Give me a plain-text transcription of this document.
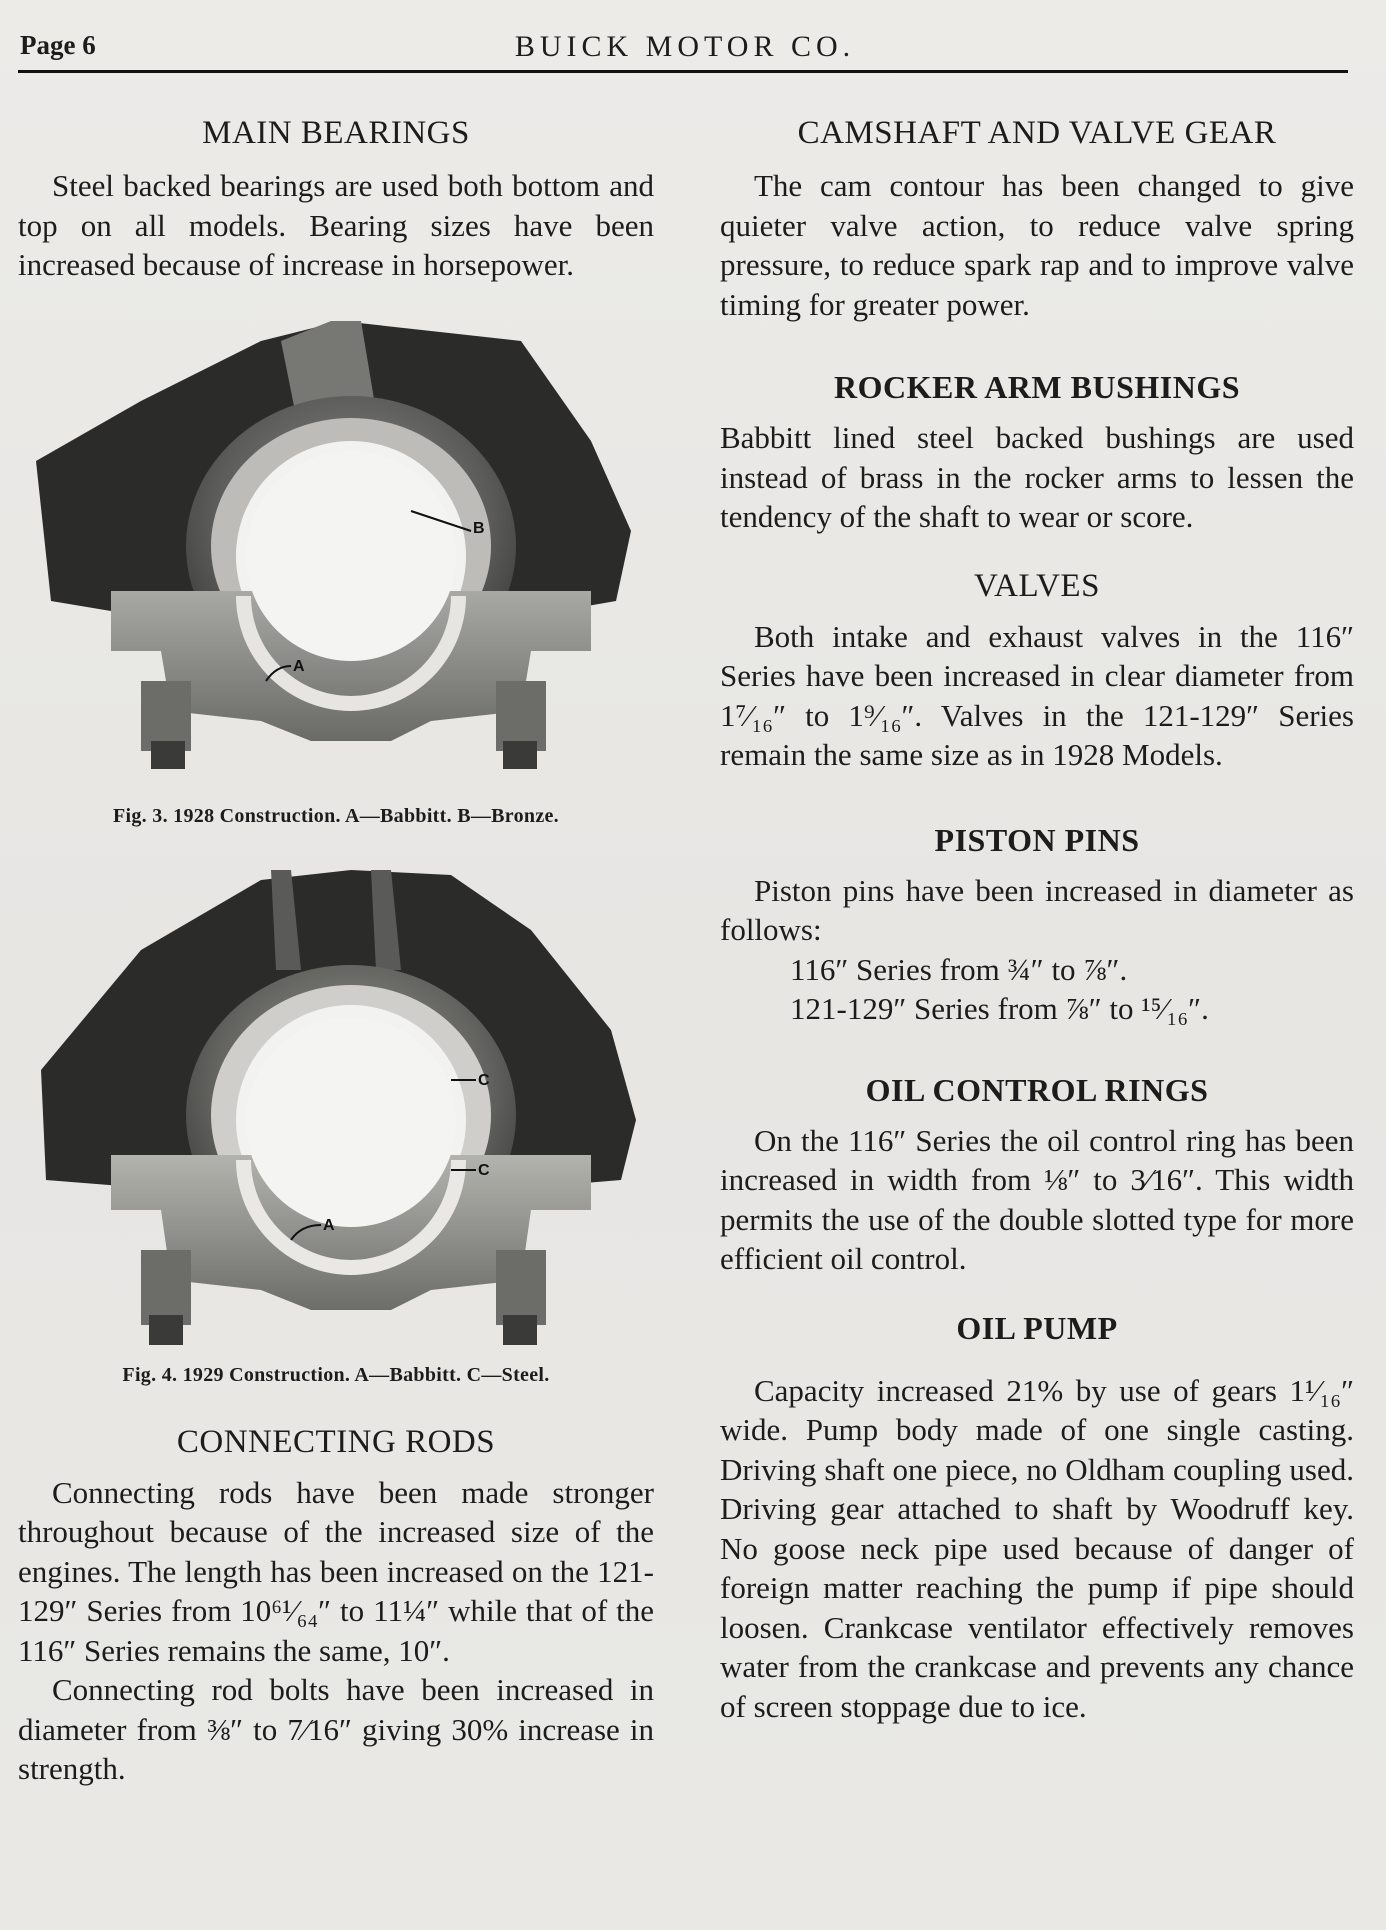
Page 6	BUICK MOTOR CO.
MAIN BEARINGS

Steel backed bearings are used both bottom and top on all models. Bearing sizes have been increased because of increase in horsepower.

B
A
Fig. 3. 1928 Construction. A—Babbitt. B—Bronze.
C
C
A
Fig. 4. 1929 Construction. A—Babbitt. C—Steel.
CONNECTING RODS

Connecting rods have been made stronger throughout because of the increased size of the engines. The length has been increased on the 121-129″ Series from 10⁶¹⁄₆₄″ to 11¼″ while that of the 116″ Series remains the same, 10″.

Connecting rod bolts have been increased in diameter from ⅜″ to 7⁄16″ giving 30% increase in strength.

CAMSHAFT AND VALVE GEAR

The cam contour has been changed to give quieter valve action, to reduce valve spring pressure, to reduce spark rap and to improve valve timing for greater power.

ROCKER ARM BUSHINGS

Babbitt lined steel backed bushings are used instead of brass in the rocker arms to lessen the tendency of the shaft to wear or score.

VALVES

Both intake and exhaust valves in the 116″ Series have been increased in clear diameter from 1⁷⁄₁₆″ to 1⁹⁄₁₆″. Valves in the 121-129″ Series remain the same size as in 1928 Models.

PISTON PINS

Piston pins have been increased in diameter as follows:

116″ Series from ¾″ to ⅞″.
121-129″ Series from ⅞″ to ¹⁵⁄₁₆″.
OIL CONTROL RINGS

On the 116″ Series the oil control ring has been increased in width from ⅛″ to 3⁄16″. This width permits the use of the double slotted type for more efficient oil control.

OIL PUMP

Capacity increased 21% by use of gears 1¹⁄₁₆″ wide. Pump body made of one single casting. Driving shaft one piece, no Oldham coupling used. Driving gear attached to shaft by Woodruff key. No goose neck pipe used because of danger of foreign matter reaching the pump if pipe should loosen. Crankcase ventilator effectively removes water from the crankcase and prevents any chance of screen stoppage due to ice.
